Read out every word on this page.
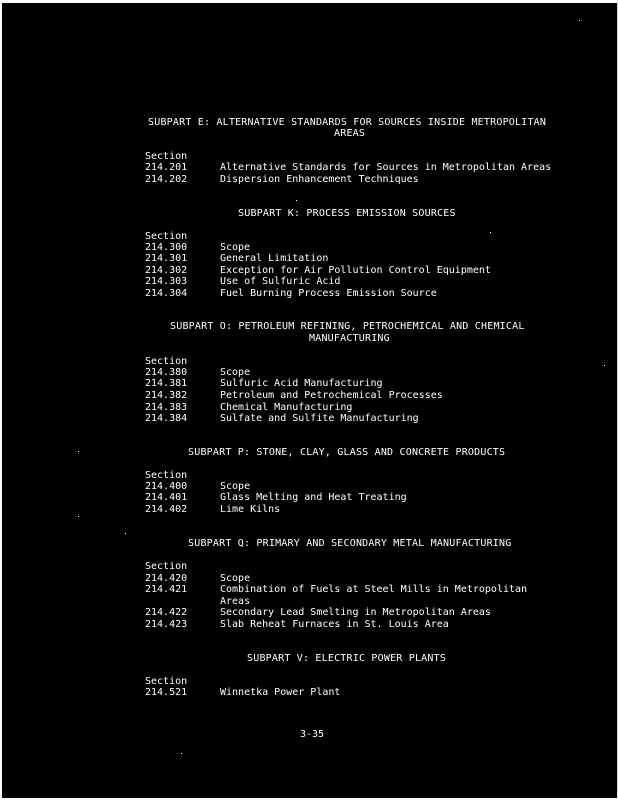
SUBPART E: ALTERNATIVE STANDARDS FOR SOURCES INSIDE METROPOLITAN
AREAS
Section
214.201	Alternative Standards for Sources in Metropolitan Areas
214.202	Dispersion Enhancement Techniques
SUBPART K: PROCESS EMISSION SOURCES
Section
214.300	Scope
214.301	General Limitation
214.302	Exception for Air Pollution Control Equipment
214.303	Use of Sulfuric Acid
214.304	Fuel Burning Process Emission Source
SUBPART O: PETROLEUM REFINING, PETROCHEMICAL AND CHEMICAL
MANUFACTURING
Section
214.380	Scope
214.381	Sulfuric Acid Manufacturing
214.382	Petroleum and Petrochemical Processes
214.383	Chemical Manufacturing
214.384	Sulfate and Sulfite Manufacturing
SUBPART P: STONE, CLAY, GLASS AND CONCRETE PRODUCTS
Section
214.400	Scope
214.401	Glass Melting and Heat Treating
214.402	Lime Kilns
SUBPART Q: PRIMARY AND SECONDARY METAL MANUFACTURING
Section
214.420	Scope
214.421	Combination of Fuels at Steel Mills in Metropolitan
Areas
214.422	Secondary Lead Smelting in Metropolitan Areas
214.423	Slab Reheat Furnaces in St. Louis Area
SUBPART V: ELECTRIC POWER PLANTS
Section
214.521	Winnetka Power Plant
3-35
